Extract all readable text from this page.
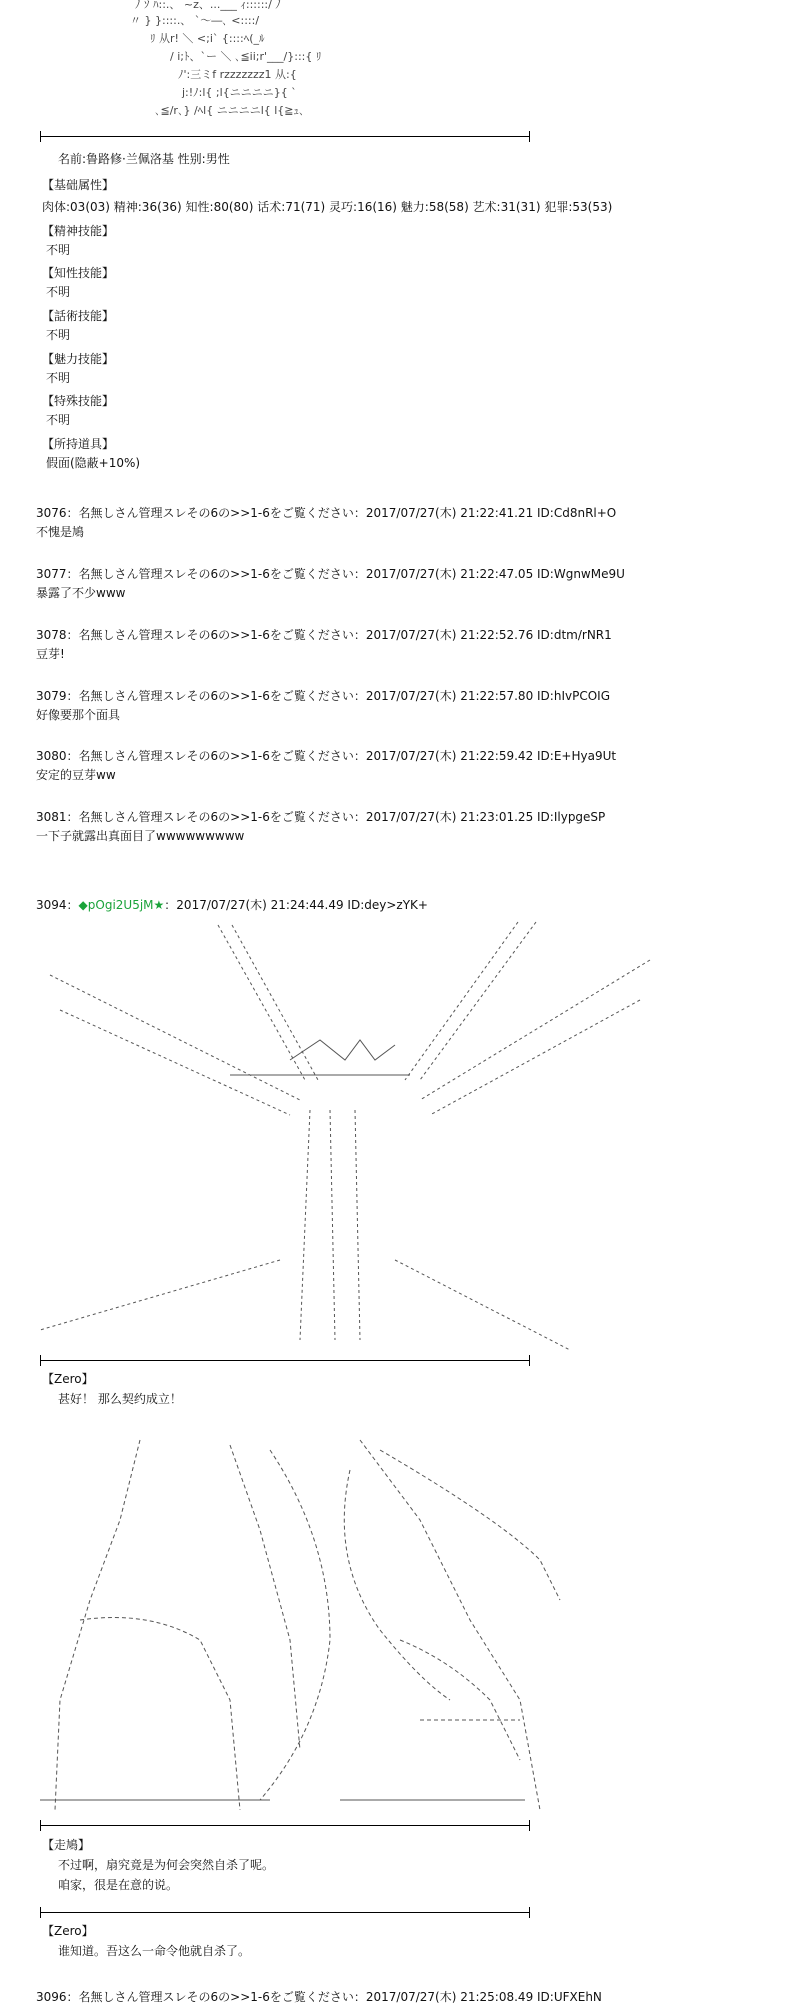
ﾉ ｿ ﾊ::.、 ~z、...___ ｨ::::::/ ﾉ
〃 } }::::.、 `～―､ <::::/
ﾘ 从r! ＼ <;i` {::::ﾍ(_ﾙ
/ i;ﾄ、`ー ＼ ､≦ii;r'___/}:::{ ﾘ
ﾉ':三ミf rzzzzzzz1 从:{
j:!ﾉ:l{ ;l{ニニニニ}{ `
､≦/r､} /ﾍl{ ニニニニl{ l{≧ｭ､
名前:鲁路修·兰佩洛基 性别:男性
【基础属性】
肉体:03(03) 精神:36(36) 知性:80(80) 话术:71(71) 灵巧:16(16) 魅力:58(58) 艺术:31(31) 犯罪:53(53)
【精神技能】
不明
【知性技能】
不明
【話術技能】
不明
【魅力技能】
不明
【特殊技能】
不明
【所持道具】
假面(隐蔽+10%)
3076：名無しさん管理スレその6の>>1-6をご覧ください：2017/07/27(木) 21:22:41.21 ID:Cd8nRl+O
不愧是鳩
3077：名無しさん管理スレその6の>>1-6をご覧ください：2017/07/27(木) 21:22:47.05 ID:WgnwMe9U
暴露了不少www
3078：名無しさん管理スレその6の>>1-6をご覧ください：2017/07/27(木) 21:22:52.76 ID:dtm/rNR1
豆芽!
3079：名無しさん管理スレその6の>>1-6をご覧ください：2017/07/27(木) 21:22:57.80 ID:hIvPCOIG
好像要那个面具
3080：名無しさん管理スレその6の>>1-6をご覧ください：2017/07/27(木) 21:22:59.42 ID:E+Hya9Ut
安定的豆芽ww
3081：名無しさん管理スレその6の>>1-6をご覧ください：2017/07/27(木) 21:23:01.25 ID:IlypgeSP
一下子就露出真面目了wwwwwwwww
3094：◆pOgi2U5jM★：2017/07/27(木) 21:24:44.49 ID:dey>zYK+
【Zero】
甚好！ 那么契约成立！
【走鳩】
不过啊，扇究竟是为何会突然自杀了呢。
咱家，很是在意的说。
【Zero】
谁知道。吾这么一命令他就自杀了。
3096：名無しさん管理スレその6の>>1-6をご覧ください：2017/07/27(木) 21:25:08.49 ID:UFXEhN
